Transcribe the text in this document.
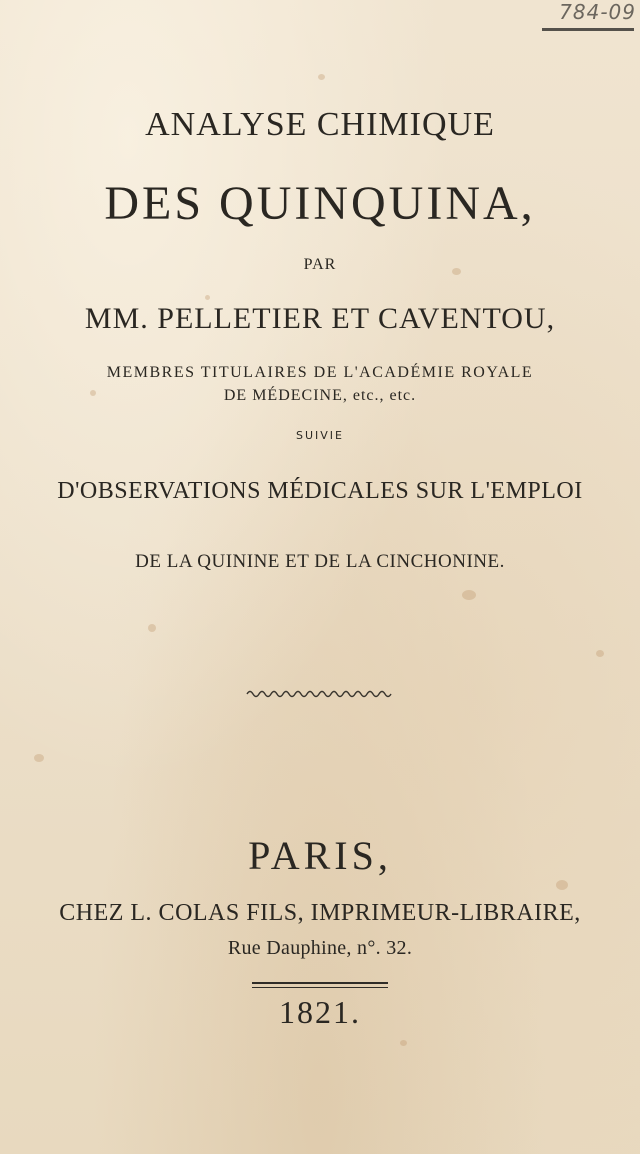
784-09
ANALYSE CHIMIQUE
DES QUINQUINA,
PAR
MM. PELLETIER ET CAVENTOU,
MEMBRES TITULAIRES DE L'ACADÉMIE ROYALE
DE MÉDECINE, etc., etc.
SUIVIE
D'OBSERVATIONS MÉDICALES SUR L'EMPLOI
DE LA QUININE ET DE LA CINCHONINE.
PARIS,
CHEZ L. COLAS FILS, IMPRIMEUR-LIBRAIRE,
Rue Dauphine, n°. 32.
1821.
